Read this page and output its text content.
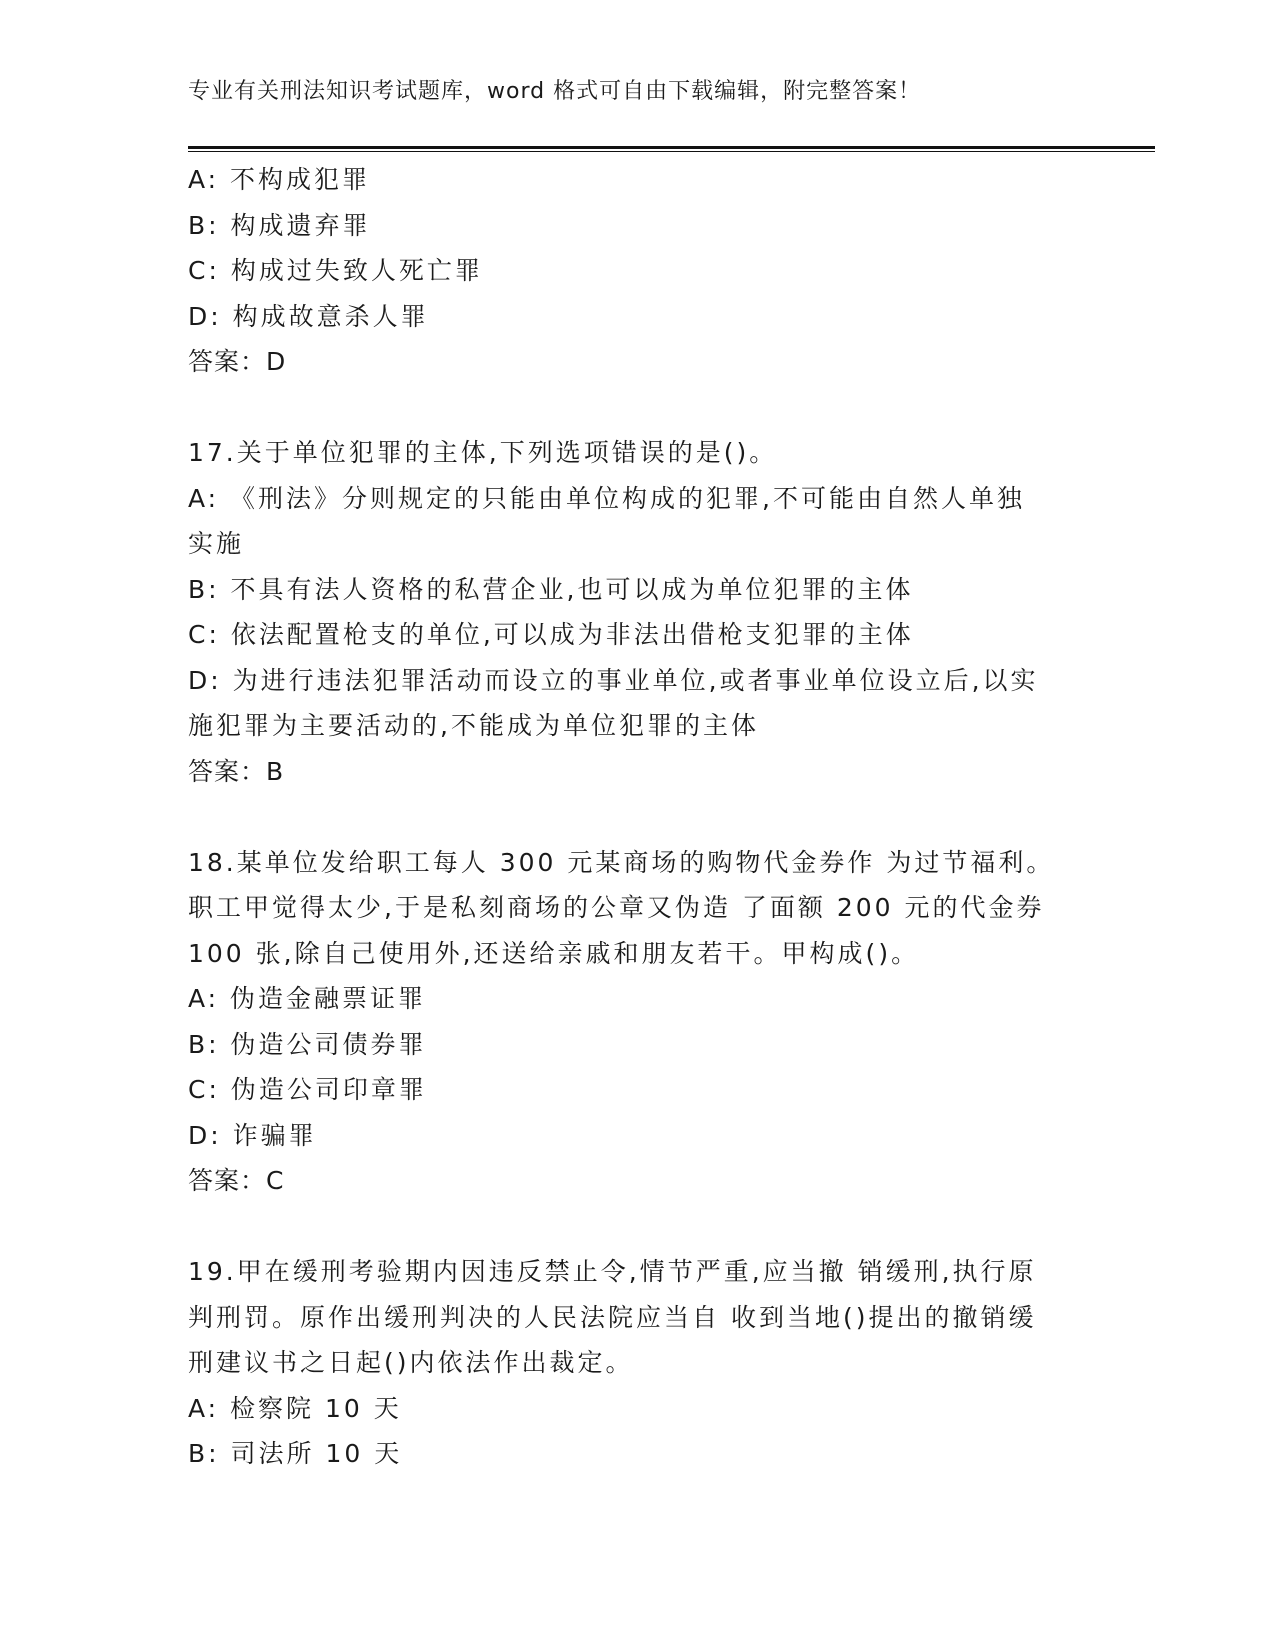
专业有关刑法知识考试题库，word 格式可自由下载编辑，附完整答案！
A: 不构成犯罪
B: 构成遗弃罪
C: 构成过失致人死亡罪
D: 构成故意杀人罪
答案：D
17.关于单位犯罪的主体,下列选项错误的是()。
A: 《刑法》分则规定的只能由单位构成的犯罪,不可能由自然人单独
实施
B: 不具有法人资格的私营企业,也可以成为单位犯罪的主体
C: 依法配置枪支的单位,可以成为非法出借枪支犯罪的主体
D: 为进行违法犯罪活动而设立的事业单位,或者事业单位设立后,以实
施犯罪为主要活动的,不能成为单位犯罪的主体
答案：B
18.某单位发给职工每人 300 元某商场的购物代金券作 为过节福利。
职工甲觉得太少,于是私刻商场的公章又伪造 了面额 200 元的代金券
100 张,除自己使用外,还送给亲戚和朋友若干。甲构成()。
A: 伪造金融票证罪
B: 伪造公司债券罪
C: 伪造公司印章罪
D: 诈骗罪
答案：C
19.甲在缓刑考验期内因违反禁止令,情节严重,应当撤 销缓刑,执行原
判刑罚。原作出缓刑判决的人民法院应当自 收到当地()提出的撤销缓
刑建议书之日起()内依法作出裁定。
A: 检察院 10 天
B: 司法所 10 天
